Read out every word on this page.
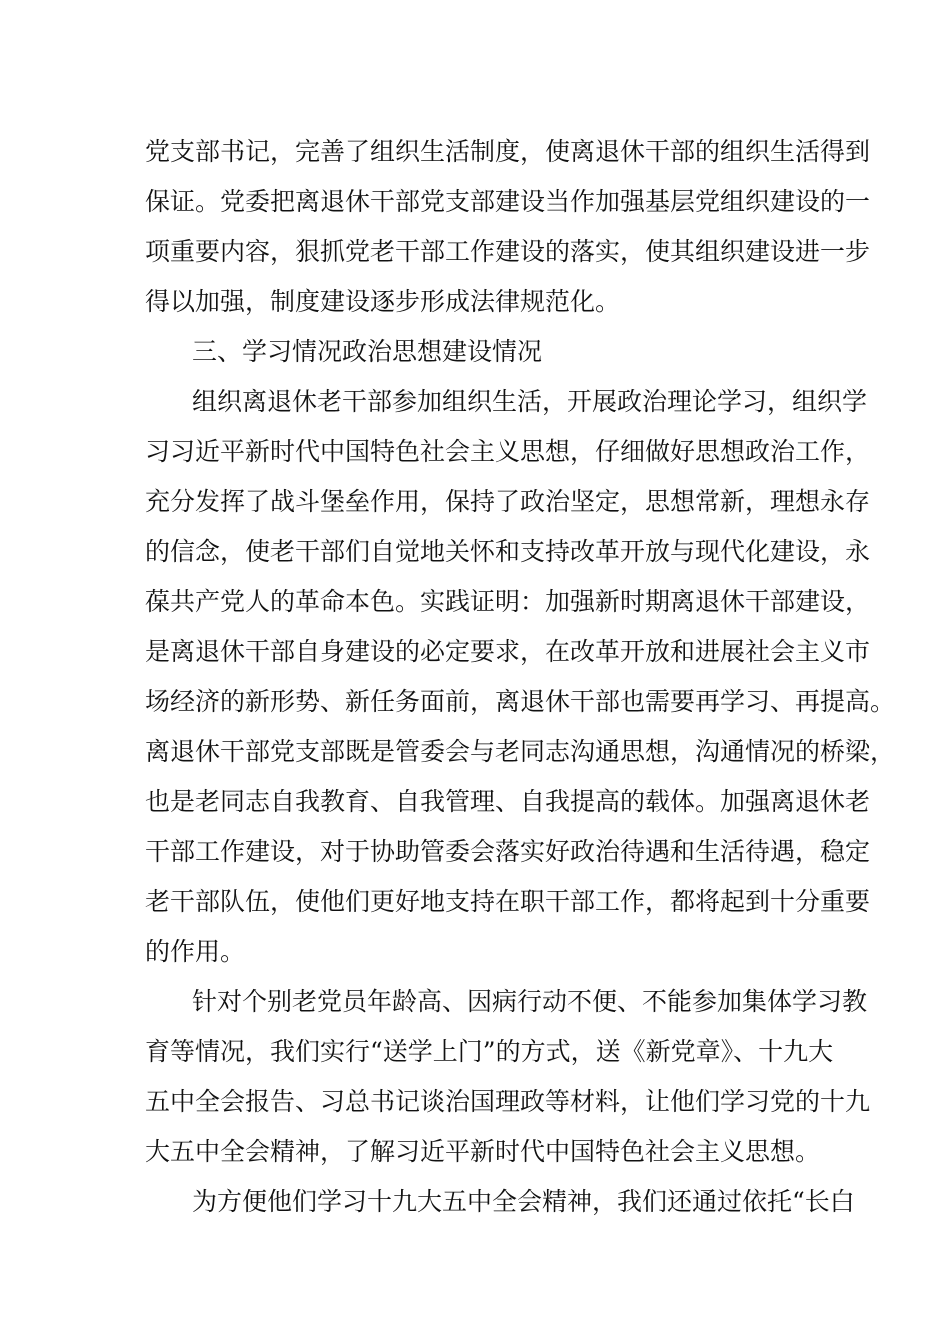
党支部书记，完善了组织生活制度，使离退休干部的组织生活得到
保证。党委把离退休干部党支部建设当作加强基层党组织建设的一
项重要内容，狠抓党老干部工作建设的落实，使其组织建设进一步
得以加强，制度建设逐步形成法律规范化。
三、学习情况政治思想建设情况
组织离退休老干部参加组织生活，开展政治理论学习，组织学
习习近平新时代中国特色社会主义思想，仔细做好思想政治工作，
充分发挥了战斗堡垒作用，保持了政治坚定，思想常新，理想永存
的信念，使老干部们自觉地关怀和支持改革开放与现代化建设，永
葆共产党人的革命本色。实践证明：加强新时期离退休干部建设，
是离退休干部自身建设的必定要求，在改革开放和进展社会主义市
场经济的新形势、新任务面前，离退休干部也需要再学习、再提高。
离退休干部党支部既是管委会与老同志沟通思想，沟通情况的桥梁，
也是老同志自我教育、自我管理、自我提高的载体。加强离退休老
干部工作建设，对于协助管委会落实好政治待遇和生活待遇，稳定
老干部队伍，使他们更好地支持在职干部工作，都将起到十分重要
的作用。
针对个别老党员年龄高、因病行动不便、不能参加集体学习教
育等情况，我们实行“送学上门”的方式，送《新党章》、十九大
五中全会报告、习总书记谈治国理政等材料，让他们学习党的十九
大五中全会精神，了解习近平新时代中国特色社会主义思想。
为方便他们学习十九大五中全会精神，我们还通过依托“长白
